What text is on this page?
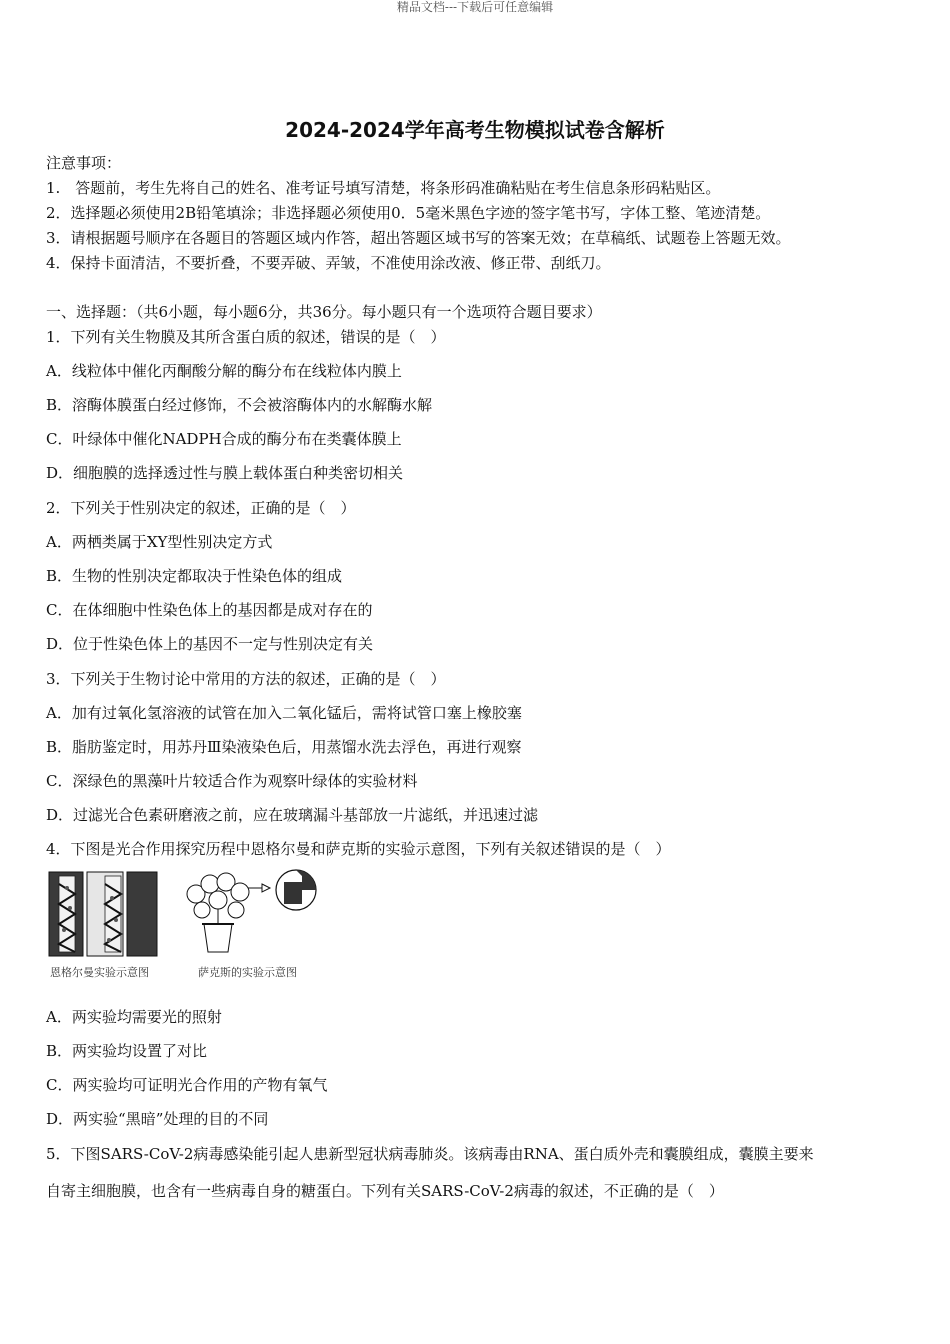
精品文档---下载后可任意编辑
2024-2024学年高考生物模拟试卷含解析
注意事项：
1.　答题前，考生先将自己的姓名、准考证号填写清楚，将条形码准确粘贴在考生信息条形码粘贴区。
2．选择题必须使用2B铅笔填涂；非选择题必须使用0．5毫米黑色字迹的签字笔书写，字体工整、笔迹清楚。
3．请根据题号顺序在各题目的答题区域内作答，超出答题区域书写的答案无效；在草稿纸、试题卷上答题无效。
4．保持卡面清洁，不要折叠，不要弄破、弄皱，不准使用涂改液、修正带、刮纸刀。
一、选择题：（共6小题，每小题6分，共36分。每小题只有一个选项符合题目要求）
1．下列有关生物膜及其所含蛋白质的叙述，错误的是（　）
A．线粒体中催化丙酮酸分解的酶分布在线粒体内膜上
B．溶酶体膜蛋白经过修饰，不会被溶酶体内的水解酶水解
C．叶绿体中催化NADPH合成的酶分布在类囊体膜上
D．细胞膜的选择透过性与膜上载体蛋白种类密切相关
2．下列关于性别决定的叙述，正确的是（　）
A．两栖类属于XY型性别决定方式
B．生物的性别决定都取决于性染色体的组成
C．在体细胞中性染色体上的基因都是成对存在的
D．位于性染色体上的基因不一定与性别决定有关
3．下列关于生物讨论中常用的方法的叙述，正确的是（　）
A．加有过氧化氢溶液的试管在加入二氧化锰后，需将试管口塞上橡胶塞
B．脂肪鉴定时，用苏丹Ⅲ染液染色后，用蒸馏水洗去浮色，再进行观察
C．深绿色的黑藻叶片较适合作为观察叶绿体的实验材料
D．过滤光合色素研磨液之前，应在玻璃漏斗基部放一片滤纸，并迅速过滤
4．下图是光合作用探究历程中恩格尔曼和萨克斯的实验示意图，下列有关叙述错误的是（　）
恩格尔曼实验示意图	萨克斯的实验示意图
A．两实验均需要光的照射
B．两实验均设置了对比
C．两实验均可证明光合作用的产物有氧气
D．两实验“黑暗”处理的目的不同
5．下图SARS-CoV-2病毒感染能引起人患新型冠状病毒肺炎。该病毒由RNA、蛋白质外壳和囊膜组成，囊膜主要来
自寄主细胞膜，也含有一些病毒自身的糖蛋白。下列有关SARS-CoV-2病毒的叙述，不正确的是（　）
